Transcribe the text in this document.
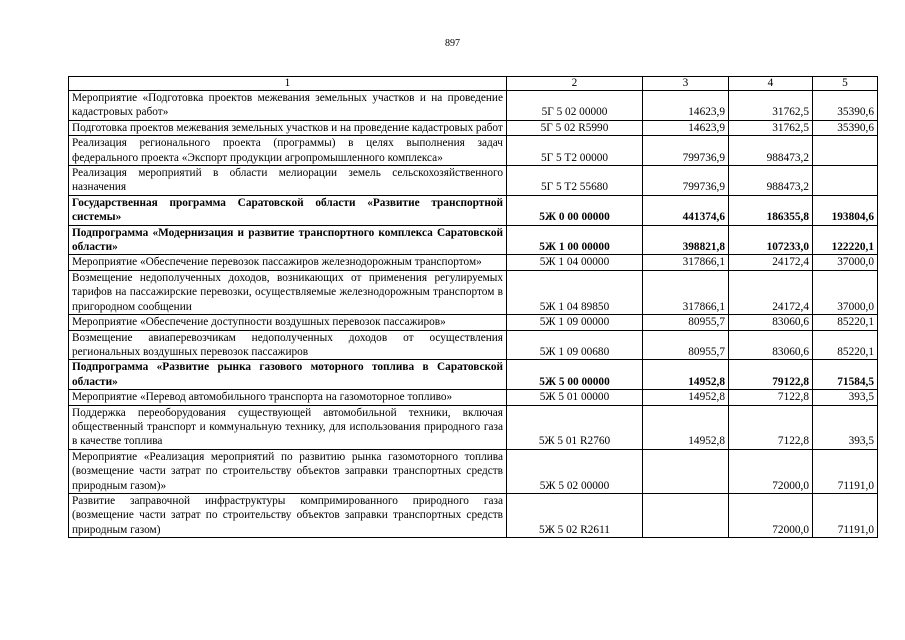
897
1	2	3	4	5
Мероприятие «Подготовка проектов межевания земельных участков и на проведение кадастровых работ»	5Г 5 02 00000	14623,9	31762,5	35390,6
Подготовка проектов межевания земельных участков и на проведение кадастровых работ	5Г 5 02 R5990	14623,9	31762,5	35390,6
Реализация регионального проекта (программы) в целях выполнения задач федерального проекта «Экспорт продукции агропромышленного комплекса»	5Г 5 Т2 00000	799736,9	988473,2	
Реализация мероприятий в области мелиорации земель сельскохозяйственного назначения	5Г 5 Т2 55680	799736,9	988473,2	
Государственная программа Саратовской области «Развитие транспортной системы»	5Ж 0 00 00000	441374,6	186355,8	193804,6
Подпрограмма «Модернизация и развитие транспортного комплекса Саратовской области»	5Ж 1 00 00000	398821,8	107233,0	122220,1
Мероприятие «Обеспечение перевозок пассажиров железнодорожным транспортом»	5Ж 1 04 00000	317866,1	24172,4	37000,0
Возмещение недополученных доходов, возникающих от применения регулируемых тарифов на пассажирские перевозки, осуществляемые железнодорожным транспортом в пригородном сообщении	5Ж 1 04 89850	317866,1	24172,4	37000,0
Мероприятие «Обеспечение доступности воздушных перевозок пассажиров»	5Ж 1 09 00000	80955,7	83060,6	85220,1
Возмещение авиаперевозчикам недополученных доходов от осуществления региональных воздушных перевозок пассажиров	5Ж 1 09 00680	80955,7	83060,6	85220,1
Подпрограмма «Развитие рынка газового моторного топлива в Саратовской области»	5Ж 5 00 00000	14952,8	79122,8	71584,5
Мероприятие «Перевод автомобильного транспорта на газомоторное топливо»	5Ж 5 01 00000	14952,8	7122,8	393,5
Поддержка переоборудования существующей автомобильной техники, включая общественный транспорт и коммунальную технику, для использования природного газа в качестве топлива	5Ж 5 01 R2760	14952,8	7122,8	393,5
Мероприятие «Реализация мероприятий по развитию рынка газомоторного топлива (возмещение части затрат по строительству объектов заправки транспортных средств природным газом)»	5Ж 5 02 00000		72000,0	71191,0
Развитие заправочной инфраструктуры компримированного природного газа (возмещение части затрат по строительству объектов заправки транспортных средств природным газом)	5Ж 5 02 R2611		72000,0	71191,0
